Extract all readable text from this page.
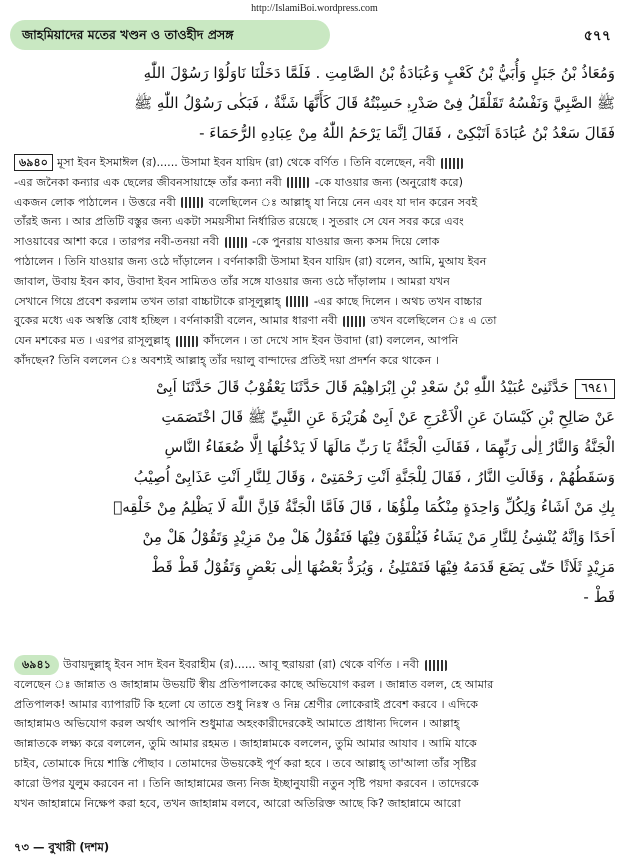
http://IslamiBoi.wordpress.com
জাহমিয়াদের মতের খণ্ডন ও তাওহীদ প্রসঙ্গ	৫৭৭
وَمُعَاذُ بْنُ جَبَلٍ وَأُبَيُّ بْنُ كَعْبٍ وَعُبَادَةُ بْنُ الصَّامِتِ . فَلَمَّا دَخَلْنَا نَاوَلُوْا رَسُوْلَ اللّٰهِ
ﷺ الصَّبِيَّ وَنَفْسُهُ تَقَلْقَلُ فِىْ صَدْرِهٖ حَسِبْتُهُ قَالَ كَأَنَّهَا شَنَّةٌ ، فَبَكٰى رَسُوْلُ اللّٰهِ ﷺ
فَقَالَ سَعْدُ بْنُ عُبَادَةَ اَتَبْكِىْ ، فَقَالَ اِنَّمَا يَرْحَمُ اللّٰهُ مِنْ عِبَادِهِ الرُّحَمَاءَ -
৬৯৪০ মূসা ইবন ইসমাঈল (র)...... উসামা ইবন যায়িদ (রা) থেকে বর্ণিত । তিনি বলেছেন, নবী
-এর জনৈকা কন্যার এক ছেলের জীবনসায়াহ্নে তাঁর কন্যা নবী	-কে যাওয়ার জন্য (অনুরোধ করে)
একজন লোক পাঠালেন । উত্তরে নবী	বলেছিলেন ঃ আল্লাহ্ যা নিয়ে নেন এবং যা দান করেন সবই
তাঁরই জন্য । আর প্রতিটি বস্তুর জন্য একটা সময়সীমা নির্ধারিত রয়েছে । সুতরাং সে যেন সবর করে এবং
সাওয়াবের আশা করে । তারপর নবী-তনয়া নবী	-কে পুনরায় যাওয়ার জন্য কসম দিয়ে লোক
পাঠালেন । তিনি যাওয়ার জন্য ওঠে দাঁড়ালেন । বর্ণনাকারী উসামা ইবন যায়িদ (রা) বলেন, আমি, মুআয ইবন
জাবাল, উবায় ইবন কাব, উবাদা ইবন সামিতও তাঁর সঙ্গে যাওয়ার জন্য ওঠে দাঁড়ালাম । আমরা যখন
সেখানে গিয়ে প্রবেশ করলাম তখন তারা বাচ্চাটাকে রাসূলুল্লাহ্	-এর কাছে দিলেন । অথচ তখন বাচ্চার
বুকের মধ্যে এক অস্বস্তি বোধ হচ্ছিল । বর্ণনাকারী বলেন, আমার ধারণা নবী	তখন বলেছিলেন ঃ এ তো
যেন মশকের মত । এরপর রাসূলুল্লাহ্	কাঁদলেন । তা দেখে সাদ ইবন উবাদা (রা) বললেন, আপনি
কাঁদছেন? তিনি বললেন ঃ অবশ্যই আল্লাহ্ তাঁর দয়ালু বান্দাদের প্রতিই দয়া প্রদর্শন করে থাকেন ।
٦٩٤١حَدَّثَنِىْ عُبَيْدُ اللّٰهِ بْنُ سَعْدِ بْنِ اِبْرَاهِيْمَ قَالَ حَدَّثَنَا يَعْقُوْبُ قَالَ حَدَّثَنَا اَبِىْ
عَنْ صَالِحِ بْنِ كَيْسَانَ عَنِ الْاَعْرَجِ عَنْ اَبِىْ هُرَيْرَةَ عَنِ النَّبِيِّ ﷺ قَالَ اخْتَصَمَتِ
الْجَنَّةُ وَالنَّارُ اِلٰى رَبِّهِمَا ، فَقَالَتِ الْجَنَّةُ يَا رَبِّ مَالَهَا لَا يَدْخُلُهَا اِلَّا ضُعَفَاءُ النَّاسِ
وَسَقَطُهُمْ ، وَقَالَتِ النَّارُ ، فَقَالَ لِلْجَنَّةِ اَنْتِ رَحْمَتِىْ ، وَقَالَ لِلنَّارِ اَنْتِ عَذَابِىْ اُصِيْبُ
بِكِ مَنْ اَشَاءُ وَلِكُلِّ وَاحِدَةٍ مِنْكُمَا مِلْؤُهَا ، قَالَ فَاَمَّا الْجَنَّةُ فَاِنَّ اللّٰهَ لَا يَظْلِمُ مِنْ خَلْقِهٖ
اَحَدًا وَاِنَّهُ يُنْشِئُ لِلنَّارِ مَنْ يَشَاءُ فَيُلْقَوْنَ فِيْهَا فَتَقُوْلُ هَلْ مِنْ مَزِيْدٍ وَتَقُوْلُ هَلْ مِنْ
مَزِيْدٍ ثَلَاثًا حَتّٰى يَضَعَ قَدَمَهُ فِيْهَا فَتَمْتَلِئُ ، وَيُرَدُّ بَعْضُهَا اِلٰى بَعْضٍ وَتَقُوْلُ قَطْ قَطْ
قَطْ -
৬৯৪১ উবায়দুল্লাহ্ ইবন সাদ ইবন ইবরাহীম (র)...... আবূ হুরায়রা (রা) থেকে বর্ণিত । নবী
বলেছেন ঃ জান্নাত ও জাহান্নাম উভয়টি স্বীয় প্রতিপালকের কাছে অভিযোগ করল । জান্নাত বলল, হে আমার
প্রতিপালক! আমার ব্যাপারটি কি হলো যে তাতে শুধু নিঃস্ব ও নিম্ন শ্রেণীর লোকেরাই প্রবেশ করবে । এদিকে
জাহান্নামও অভিযোগ করল অর্থাৎ আপনি শুধুমাত্র অহংকারীদেরকেই আমাতে প্রাধান্য দিলেন । আল্লাহ্
জান্নাতকে লক্ষ্য করে বললেন, তুমি আমার রহমত । জাহান্নামকে বললেন, তুমি আমার আযাব । আমি যাকে
চাইব, তোমাকে দিয়ে শাস্তি পৌছাব । তোমাদের উভয়কেই পূর্ণ করা হবে । তবে আল্লাহ্ তা'আলা তাঁর সৃষ্টির
কারো উপর যুলুম করবেন না । তিনি জাহান্নামের জন্য নিজ ইচ্ছানুযায়ী নতুন সৃষ্টি পয়দা করবেন । তাদেরকে
যখন জাহান্নামে নিক্ষেপ করা হবে, তখন জাহান্নাম বলবে, আরো অতিরিক্ত আছে কি? জাহান্নামে আরো
৭৩ — বুখারী (দশম)
